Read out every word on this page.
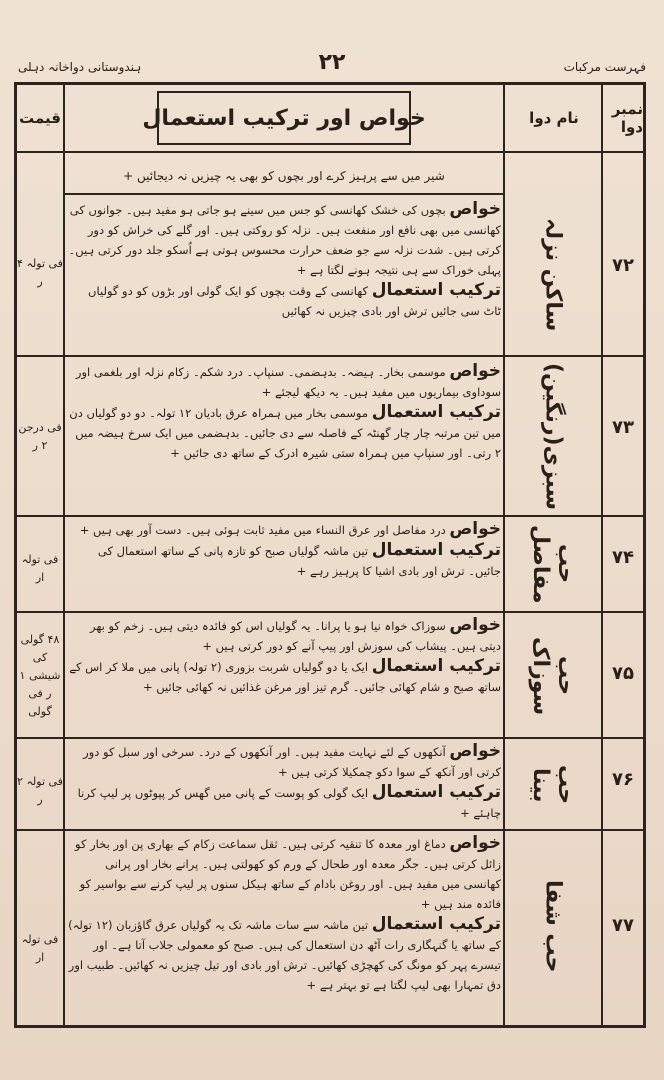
ہندوستانی دواخانہ دہلی	۲۲	فہرست مرکبات
نمبر دوا
نام دوا
خواص اور ترکیب استعمال
قیمت
شیر میں سے پرہیز کرے اور بچوں کو بھی یہ چیزیں نہ دیجائیں +
۷۲
ساکن نزلہ
فی تولہ ۴ ر
خواص بچوں کی خشک کھانسی کو جس میں سینے ہو جاتی ہو مفید ہیں۔ جوانوں کی کھانسی میں بھی نافع اور منفعت ہیں۔ نزلہ کو روکتی ہیں۔ اور گلے کی خراش کو دور کرتی ہیں۔ شدت نزلہ سے جو ضعف حرارت محسوس ہوتی ہے اُسکو جلد دور کرتی ہیں۔ پہلی خوراک سے ہی نتیجہ ہونے لگتا ہے +
ترکیب استعمال کھانسی کے وقت بچوں کو ایک گولی اور بڑوں کو دو گولیاں ٹاٹ سی جائیں ترش اور بادی چیزیں نہ کھائیں
۷۳
سبزی(رنگین)
فی درجن ۲ ر
خواص موسمی بخار۔ ہیضہ۔ بدہضمی۔ سنپاپ۔ درد شکم۔ زکام نزلہ اور بلغمی اور سوداوی بیماریوں میں مفید ہیں۔ یہ دیکھ لیجئے +
ترکیب استعمال موسمی بخار میں ہمراہ عرق بادیان ۱۲ تولہ۔ دو دو گولیاں دن میں تین مرتبہ چار چار گھنٹہ کے فاصلہ سے دی جائیں۔ بدہضمی میں ایک سرخ ہیضہ میں ۲ رتی۔ اور سنپاپ میں ہمراہ ستی شیرہ ادرک کے ساتھ دی جائیں +
۷۴
حب مفاصل
فی تولہ ار
خواص درد مفاصل اور عرق النساء میں مفید ثابت ہوئی ہیں۔ دست آور بھی ہیں +
ترکیب استعمال تین ماشہ گولیاں صبح کو تازہ پانی کے ساتھ استعمال کی جائیں۔ ترش اور بادی اشیا کا پرہیز رہے +
۷۵
حب سوزاک
۴۸ گولی کی شیشی ۱ ر فی گولی
خواص سوزاک خواہ نیا ہو یا پرانا۔ یہ گولیاں اس کو فائدہ دیتی ہیں۔ زخم کو بھر دیتی ہیں۔ پیشاب کی سوزش اور پیپ آنے کو دور کرتی ہیں +
ترکیب استعمال ایک یا دو گولیاں شربت بزوری (۲ تولہ) پانی میں ملا کر اس کے ساتھ صبح و شام کھائی جائیں۔ گرم تیز اور مرغن غذائیں نہ کھائی جائیں +
۷۶
حب بینا
فی تولہ ۲ ر
خواص آنکھوں کے لئے نہایت مفید ہیں۔ اور آنکھوں کے درد۔ سرخی اور سبل کو دور کرتی اور آنکھ کے سوا دکو چمکیلا کرتی ہیں +
ترکیب استعمال ایک گولی کو پوست کے پانی میں گھس کر پپوٹوں پر لیپ کرنا چاہئے +
۷۷
حب شفا
فی تولہ ار
خواص دماغ اور معدہ کا تنقیہ کرتی ہیں۔ ثقل سماعت زکام کے بھاری پن اور بخار کو زائل کرتی ہیں۔ جگر معدہ اور طحال کے ورم کو کھولتی ہیں۔ پرانے بخار اور پرانی کھانسی میں مفید ہیں۔ اور روغن بادام کے ساتھ ہیکل سنوں پر لیپ کرنے سے بواسیر کو فائدہ مند ہیں +
ترکیب استعمال تین ماشہ سے سات ماشہ تک یہ گولیاں عرق گاؤزبان (۱۲ تولہ) کے ساتھ یا گنہگاری رات آٹھ دن استعمال کی ہیں۔ صبح کو معمولی جلاب آتا ہے۔ اور تیسرے پہر کو مونگ کی کھچڑی کھائیں۔ ترش اور بادی اور تیل چیزیں نہ کھائیں۔ طبیب اور دق تمہارا بھی لیپ لگتا ہے تو بہتر ہے +
